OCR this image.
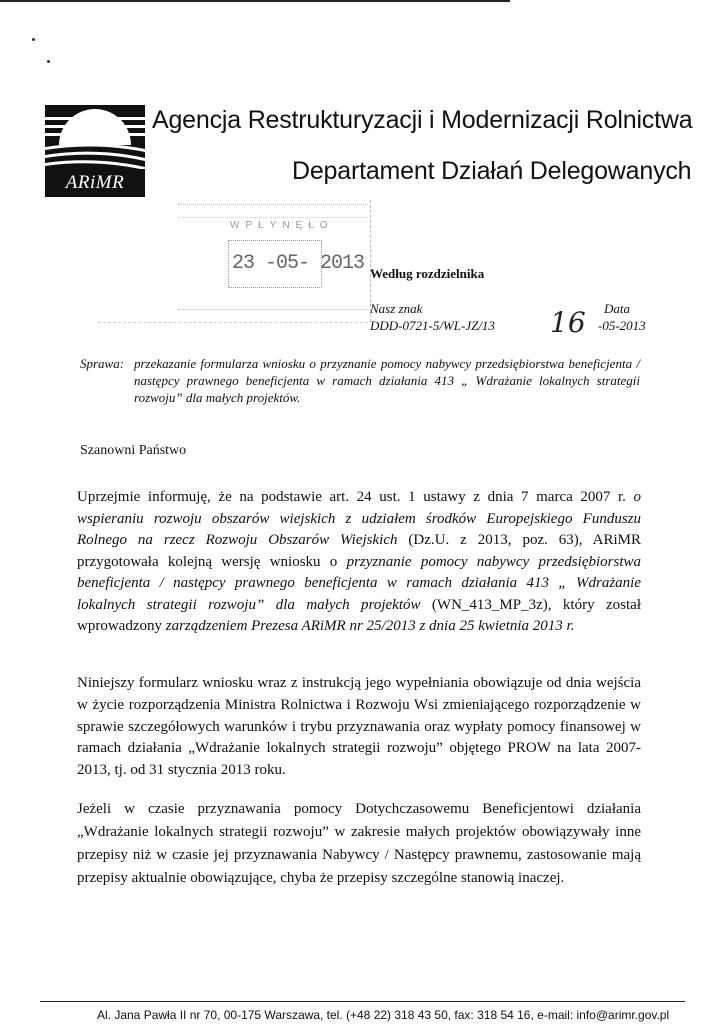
ARiMR
Agencja Restrukturyzacji i Modernizacji Rolnictwa
Departament Działań Delegowanych
WPŁYNĘŁO
23 -05- 2013 Według rozdzielnika
Nasz znak
DDD-0721-5/WL-JZ/13
Data
16 -05-2013
Sprawa: przekazanie formularza wniosku o przyznanie pomocy nabywcy przedsiębiorstwa beneficjenta / następcy prawnego beneficjenta w ramach działania 413 „ Wdrażanie lokalnych strategii rozwoju” dla małych projektów.
Szanowni Państwo

Uprzejmie informuję, że na podstawie art. 24 ust. 1 ustawy z dnia 7 marca 2007 r. o wspieraniu rozwoju obszarów wiejskich z udziałem środków Europejskiego Funduszu Rolnego na rzecz Rozwoju Obszarów Wiejskich (Dz.U. z 2013, poz. 63), ARiMR przygotowała kolejną wersję wniosku o przyznanie pomocy nabywcy przedsiębiorstwa beneficjenta / następcy prawnego beneficjenta w ramach działania 413 „ Wdrażanie lokalnych strategii rozwoju” dla małych projektów (WN_413_MP_3z), który został wprowadzony zarządzeniem Prezesa ARiMR nr 25/2013 z dnia 25 kwietnia 2013 r.

Niniejszy formularz wniosku wraz z instrukcją jego wypełniania obowiązuje od dnia wejścia w życie rozporządzenia Ministra Rolnictwa i Rozwoju Wsi zmieniającego rozporządzenie w sprawie szczegółowych warunków i trybu przyznawania oraz wypłaty pomocy finansowej w ramach działania „Wdrażanie lokalnych strategii rozwoju” objętego PROW na lata 2007-2013, tj. od 31 stycznia 2013 roku.

Jeżeli w czasie przyznawania pomocy Dotychczasowemu Beneficjentowi działania „Wdrażanie lokalnych strategii rozwoju” w zakresie małych projektów obowiązywały inne przepisy niż w czasie jej przyznawania Nabywcy / Następcy prawnemu, zastosowanie mają przepisy aktualnie obowiązujące, chyba że przepisy szczególne stanowią inaczej.

Al. Jana Pawła II nr 70, 00-175 Warszawa, tel. (+48 22) 318 43 50, fax: 318 54 16, e-mail: info@arimr.gov.pl
